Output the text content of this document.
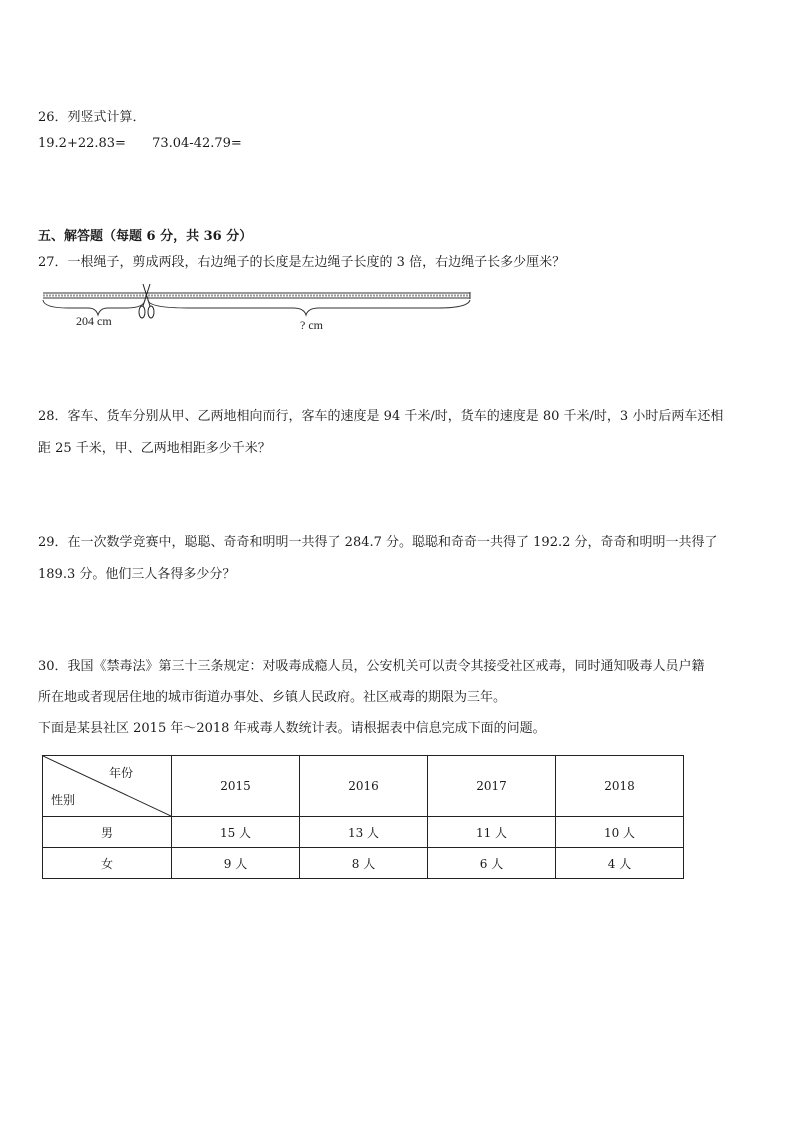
26．列竖式计算．
19.2+22.83= 73.04-42.79=
五、解答题（每题 6 分，共 36 分）
27．一根绳子，剪成两段，右边绳子的长度是左边绳子长度的 3 倍，右边绳子长多少厘米？
204 cm	? cm
28．客车、货车分别从甲、乙两地相向而行，客车的速度是 94 千米/时，货车的速度是 80 千米/时，3 小时后两车还相
距 25 千米，甲、乙两地相距多少千米？
29．在一次数学竞赛中，聪聪、奇奇和明明一共得了 284.7 分。聪聪和奇奇一共得了 192.2 分，奇奇和明明一共得了
189.3 分。他们三人各得多少分？
30．我国《禁毒法》第三十三条规定：对吸毒成瘾人员，公安机关可以责令其接受社区戒毒，同时通知吸毒人员户籍
所在地或者现居住地的城市街道办事处、乡镇人民政府。社区戒毒的期限为三年。
下面是某县社区 2015 年～2018 年戒毒人数统计表。请根据表中信息完成下面的问题。
年份
性别	2015	2016	2017	2018
男	15 人	13 人	11 人	10 人
女	9 人	8 人	6 人	4 人
